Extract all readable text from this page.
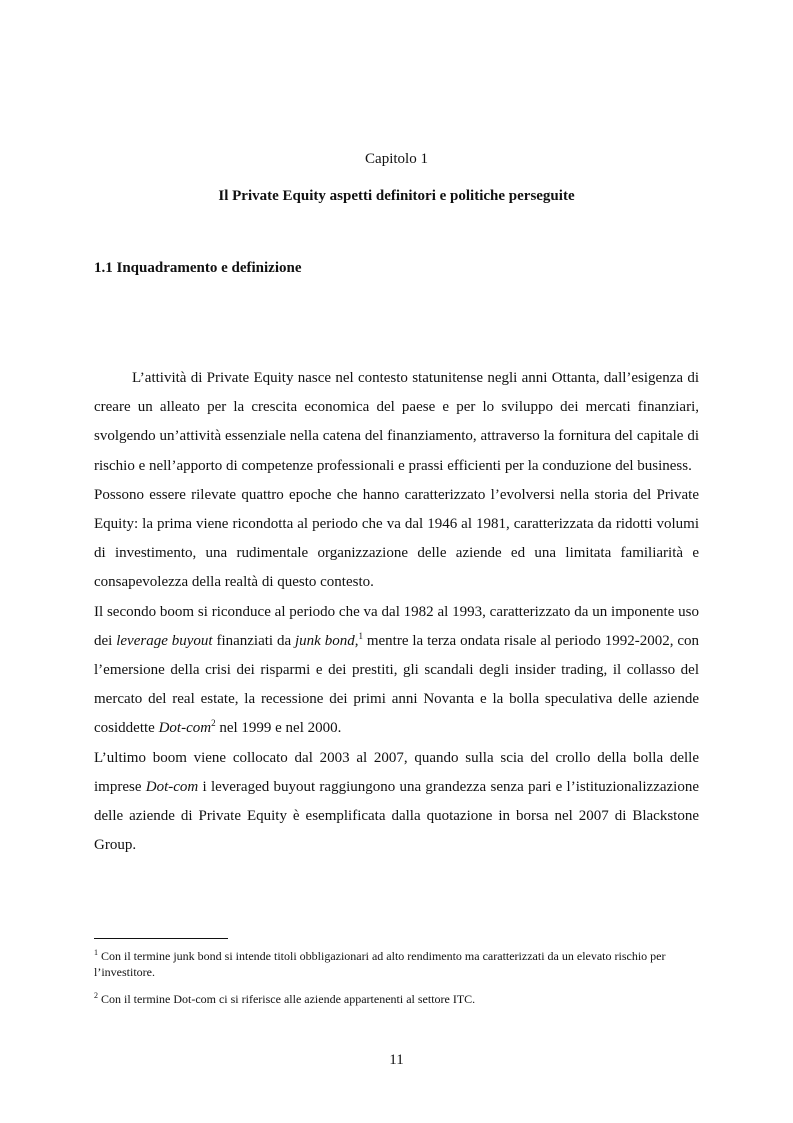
Capitolo 1
Il Private Equity aspetti definitori e politiche perseguite
1.1 Inquadramento e definizione

L’attività di Private Equity nasce nel contesto statunitense negli anni Ottanta, dall’esigenza di creare un alleato per la crescita economica del paese e per lo sviluppo dei mercati finanziari, svolgendo un’attività essenziale nella catena del finanziamento, attraverso la fornitura del capitale di rischio e nell’apporto di competenze professionali e prassi efficienti per la conduzione del business.

Possono essere rilevate quattro epoche che hanno caratterizzato l’evolversi nella storia del Private Equity: la prima viene ricondotta al periodo che va dal 1946 al 1981, caratterizzata da ridotti volumi di investimento, una rudimentale organizzazione delle aziende ed una limitata familiarità e consapevolezza della realtà di questo contesto.

Il secondo boom si riconduce al periodo che va dal 1982 al 1993, caratterizzato da un imponente uso dei leverage buyout finanziati da junk bond,$^1$ mentre la terza ondata risale al periodo 1992-2002, con l’emersione della crisi dei risparmi e dei prestiti, gli scandali degli insider trading, il collasso del mercato del real estate, la recessione dei primi anni Novanta e la bolla speculativa delle aziende cosiddette Dot-com$^2$ nel 1999 e nel 2000.

L’ultimo boom viene collocato dal 2003 al 2007, quando sulla scia del crollo della bolla delle imprese Dot-com i leveraged buyout raggiungono una grandezza senza pari e l’istituzionalizzazione delle aziende di Private Equity è esemplificata dalla quotazione in borsa nel 2007 di Blackstone Group.

$^1$ Con il termine junk bond si intende titoli obbligazionari ad alto rendimento ma caratterizzati da un elevato rischio per l’investitore.

$^2$ Con il termine Dot-com ci si riferisce alle aziende appartenenti al settore ITC.

11
